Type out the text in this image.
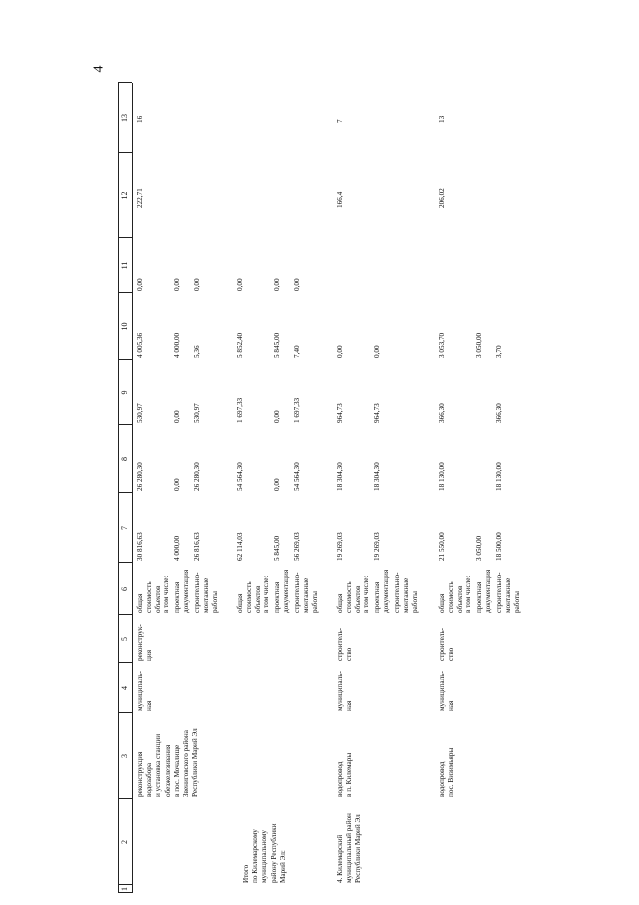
4
1
2
3
4
5
6
7
8
9
10
11
12
13
реконструкция
водозабора
и установка станции
обезжелезивания
в пос. Мочалище
Звениговского района
Республики Марий Эл
муниципаль-
ная
реконструк-
ция
общая
стоимость
объектов в том числе: проектная
документация строительно-
монтажные
работы
30 816,63
26 280,30
530,97
4 005,36
0,00
4 000,00
0,00
0,00
4 000,00
0,00
26 816,63
26 280,30
530,97
5,36
0,00
222,71
16
Итого
по Килемарскому
муниципальному
району Республики
Марий Эл:
общая
стоимость
объектов в том числе: проектная
документация строительно-
монтажные
работы
62 114,03
54 564,30
1 697,33
5 852,40
0,00
5 845,00
0,00
0,00
5 845,00
0,00
56 269,03
54 564,30
1 697,33
7,40
0,00
4. Килемарский
муниципальный район
Республики Марий Эл
водопровод
в п. Килемары
муниципаль-
ная
строитель-
ство
общая
стоимость
объектов в том числе: проектная
документация строительно-
монтажные
работы
19 269,03
18 304,30
964,73
0,00
19 269,03
18 304,30
964,73
0,00
166,4
7
водопровод
пос. Визимьяры
муниципаль-
ная
строитель-
ство
общая
стоимость
объектов в том числе: проектная
документация строительно-
монтажные
работы
21 550,00
18 130,00
366,30
3 053,70
3 050,00
3 050,00
18 500,00
18 130,00
366,30
3,70
206,02
13
